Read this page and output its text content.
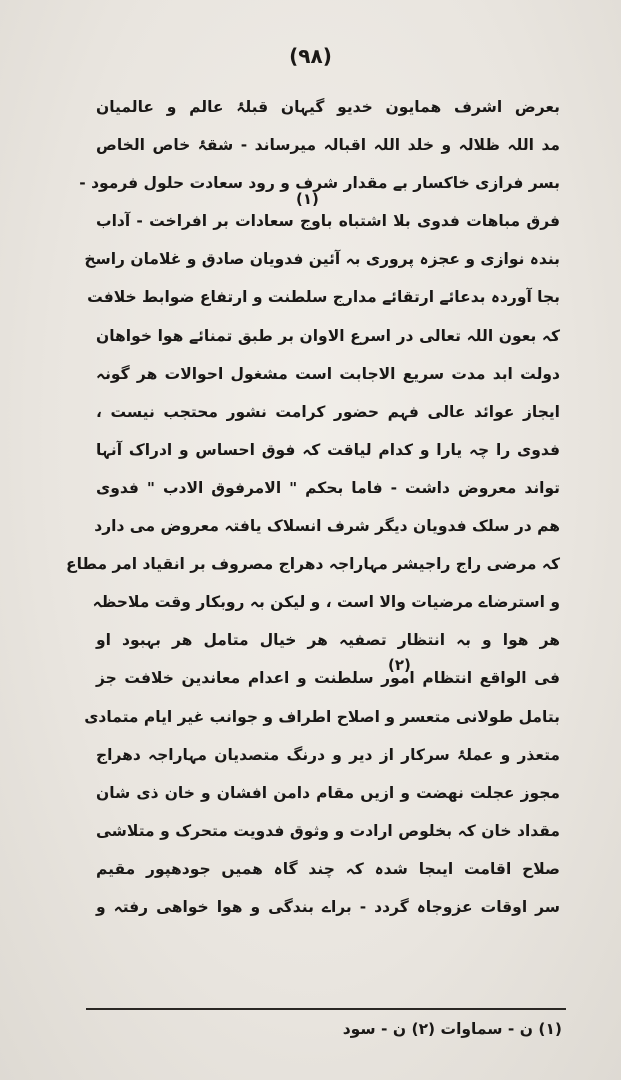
(۹۸)
بعرض اشرف همایون خدیو گیہان قبلۂ عالم و عالمیان
مد اللہ ظلالہ و خلد اللہ اقبالہ میرساند - شقۂ خاص الخاص
بسر فرازی خاکسار بے مقدار شرف و رود سعادت حلول فرمود -
فرق مباهات فدوی بلا اشتباه باوج سعادات بر افراخت - آداب
بندہ نوازی و عجزہ پروری بہ آئین فدویان صادق و غلامان راسخ
بجا آوردہ بدعائے ارتقائے مدارج سلطنت و ارتفاع ضوابط خلافت
کہ بعون اللہ تعالی در اسرع الاوان بر طبق تمنائے هوا خواهان
دولت ابد مدت سریع الاجابت است مشغول احوالات هر گونہ
ایجاز عوائد عالی فہم حضور کرامت نشور محتجب نیست ،
فدوی را چہ یارا و کدام لیاقت کہ فوق احساس و ادراک آنہا
تواند معروض داشت - فاما بحکم " الامرفوق الادب " فدوی
هم در سلک فدویان دیگر شرف انسلاک یافتہ معروض می دارد
کہ مرضی راج راجیشر مہاراجہ دهراج مصروف بر انقیاد امر مطاع
و استرضاے مرضیات والا است ، و لیکن بہ روبکار وقت ملاحظہ
هر هوا و بہ انتظار تصفیہ هر خیال متامل هر بہبود او
فی الواقع انتظام امور سلطنت و اعدام معاندین خلافت جز
بتامل طولانی متعسر و اصلاح اطراف و جوانب غیر ایام متمادی
متعذر و عملۂ سرکار از دیر و درنگ متصدیان مہاراجہ دهراج
مجوز عجلت نهضت و ازیں مقام دامن افشان و خان ذی شان
مقداد خان کہ بخلوص ارادت و وثوق فدویت متحرک و متلاشی
صلاح اقامت ایںجا شدہ کہ چند گاہ همیں جودھپور مقیم
سر اوقات عزوجاہ گردد - براے بندگی و هوا خواهی رفتہ و
(۱)
(۲)
(۱) ن - سماوات (۲) ن - سود
